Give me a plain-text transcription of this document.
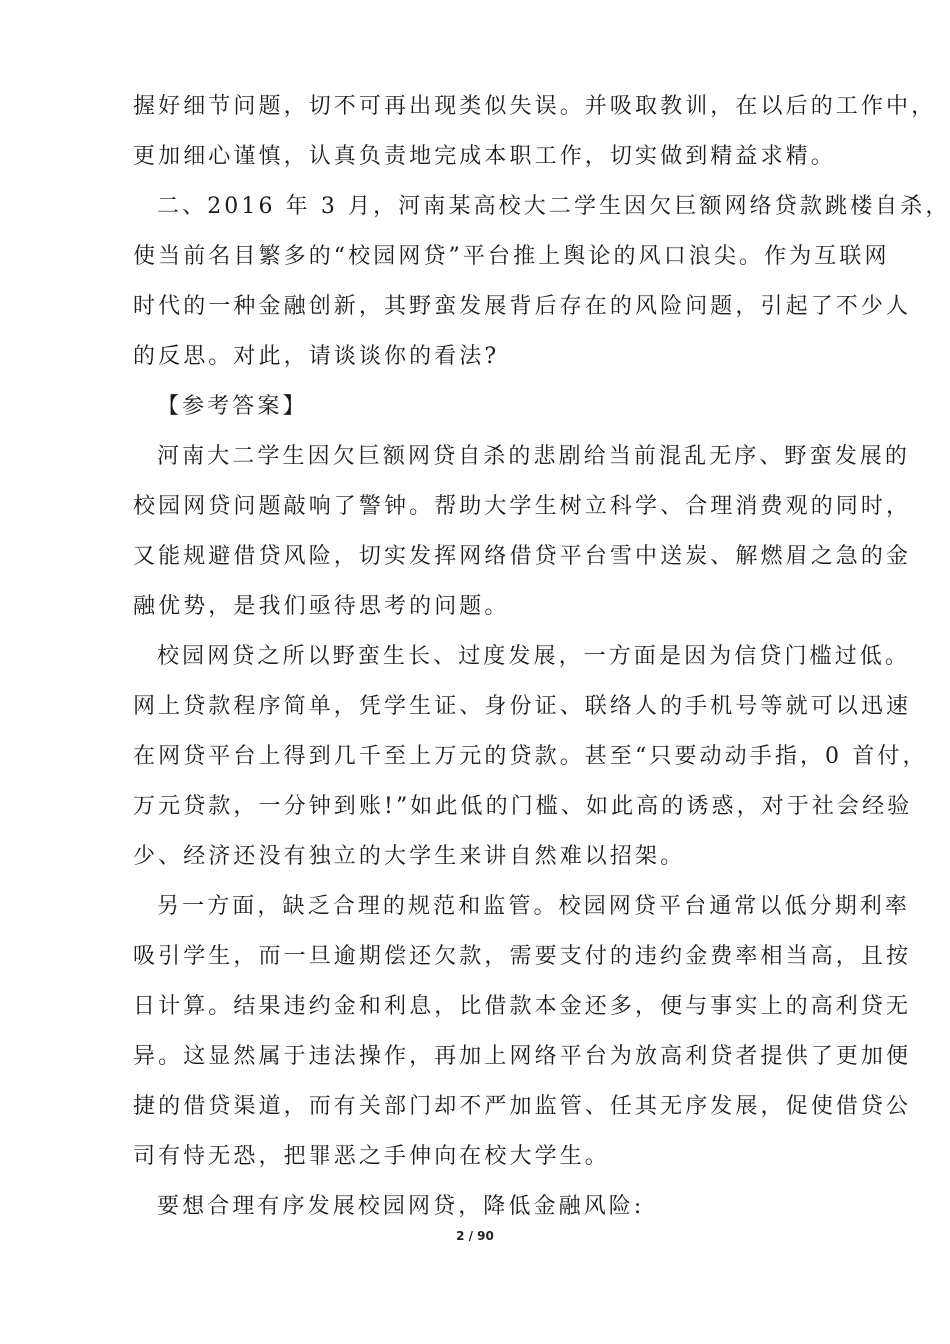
握好细节问题，切不可再出现类似失误。并吸取教训，在以后的工作中，
更加细心谨慎，认真负责地完成本职工作，切实做到精益求精。
二、2016 年 3 月，河南某高校大二学生因欠巨额网络贷款跳楼自杀，
使当前名目繁多的“校园网贷”平台推上舆论的风口浪尖。作为互联网
时代的一种金融创新，其野蛮发展背后存在的风险问题，引起了不少人
的反思。对此，请谈谈你的看法?
【参考答案】
河南大二学生因欠巨额网贷自杀的悲剧给当前混乱无序、野蛮发展的
校园网贷问题敲响了警钟。帮助大学生树立科学、合理消费观的同时，
又能规避借贷风险，切实发挥网络借贷平台雪中送炭、解燃眉之急的金
融优势，是我们亟待思考的问题。
校园网贷之所以野蛮生长、过度发展，一方面是因为信贷门槛过低。
网上贷款程序简单，凭学生证、身份证、联络人的手机号等就可以迅速
在网贷平台上得到几千至上万元的贷款。甚至“只要动动手指，0 首付，
万元贷款，一分钟到账!”如此低的门槛、如此高的诱惑，对于社会经验
少、经济还没有独立的大学生来讲自然难以招架。
另一方面，缺乏合理的规范和监管。校园网贷平台通常以低分期利率
吸引学生，而一旦逾期偿还欠款，需要支付的违约金费率相当高，且按
日计算。结果违约金和利息，比借款本金还多，便与事实上的高利贷无
异。这显然属于违法操作，再加上网络平台为放高利贷者提供了更加便
捷的借贷渠道，而有关部门却不严加监管、任其无序发展，促使借贷公
司有恃无恐，把罪恶之手伸向在校大学生。
要想合理有序发展校园网贷，降低金融风险:
2 / 90
